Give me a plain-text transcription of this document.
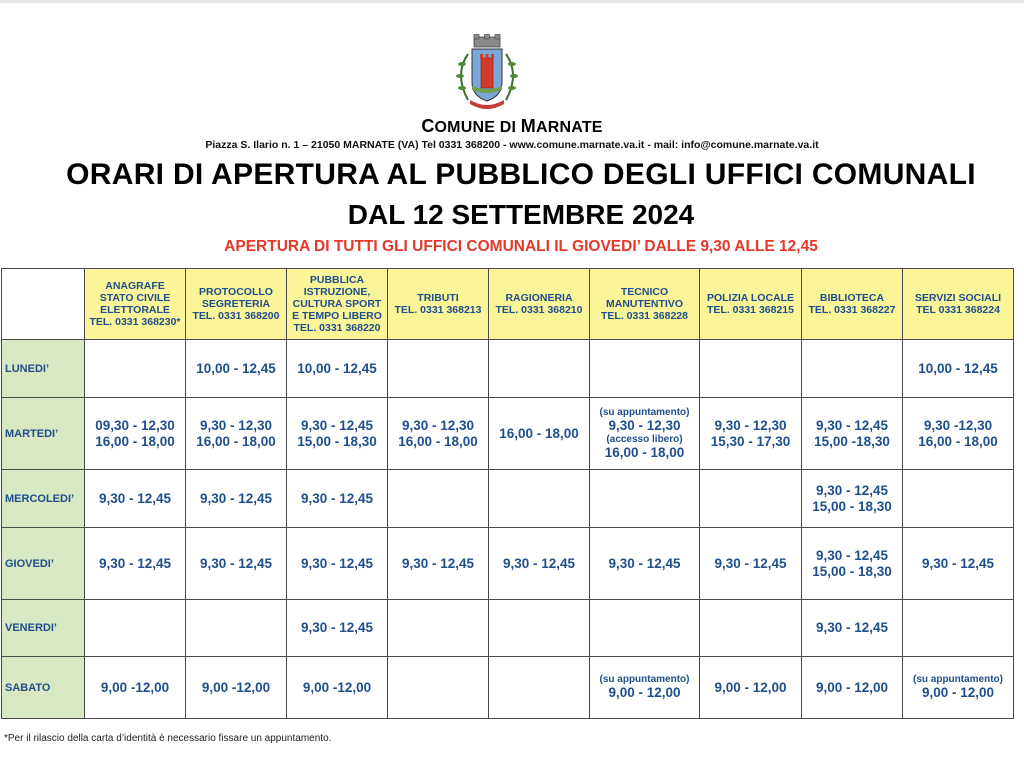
COMUNE DI MARNATE
Piazza S. Ilario n. 1 – 21050 MARNATE (VA) Tel 0331 368200 - www.comune.marnate.va.it - mail: info@comune.marnate.va.it
ORARI DI APERTURA AL PUBBLICO DEGLI UFFICI COMUNALI
DAL 12 SETTEMBRE 2024
APERTURA DI TUTTI GLI UFFICI COMUNALI IL GIOVEDI’ DALLE 9,30 ALLE 12,45

	ANAGRAFE
STATO CIVILE
ELETTORALE
TEL. 0331 368230*	PROTOCOLLO
SEGRETERIA
TEL. 0331 368200	PUBBLICA
ISTRUZIONE,
CULTURA SPORT
E TEMPO LIBERO
TEL. 0331 368220	TRIBUTI
TEL. 0331 368213	RAGIONERIA
TEL. 0331 368210	TECNICO
MANUTENTIVO
TEL. 0331 368228	POLIZIA LOCALE
TEL. 0331 368215	BIBLIOTECA
TEL. 0331 368227	SERVIZI SOCIALI
TEL 0331 368224

LUNEDI’		10,00 - 12,45	10,00 - 12,45						10,00 - 12,45

MARTEDI’	09,30 - 12,30
16,00 - 18,00	9,30 - 12,30
16,00 - 18,00	9,30 - 12,45
15,00 - 18,30	9,30 - 12,30
16,00 - 18,00	16,00 - 18,00	(su appuntamento)
9,30 - 12,30
(accesso libero)
16,00 - 18,00	9,30 - 12,30
15,30 - 17,30	9,30 - 12,45
15,00 -18,30	9,30 -12,30
16,00 - 18,00

MERCOLEDI’	9,30 - 12,45	9,30 - 12,45	9,30 - 12,45					9,30 - 12,45
15,00 - 18,30	

GIOVEDI’	9,30 - 12,45	9,30 - 12,45	9,30 - 12,45	9,30 - 12,45	9,30 - 12,45	9,30 - 12,45	9,30 - 12,45	9,30 - 12,45
15,00 - 18,30	9,30 - 12,45

VENERDI’			9,30 - 12,45					9,30 - 12,45	

SABATO	9,00 -12,00	9,00 -12,00	9,00 -12,00			(su appuntamento)
9,00 - 12,00	9,00 - 12,00	9,00 - 12,00	(su appuntamento)
9,00 - 12,00
*Per il rilascio della carta d’identità è necessario fissare un appuntamento.
